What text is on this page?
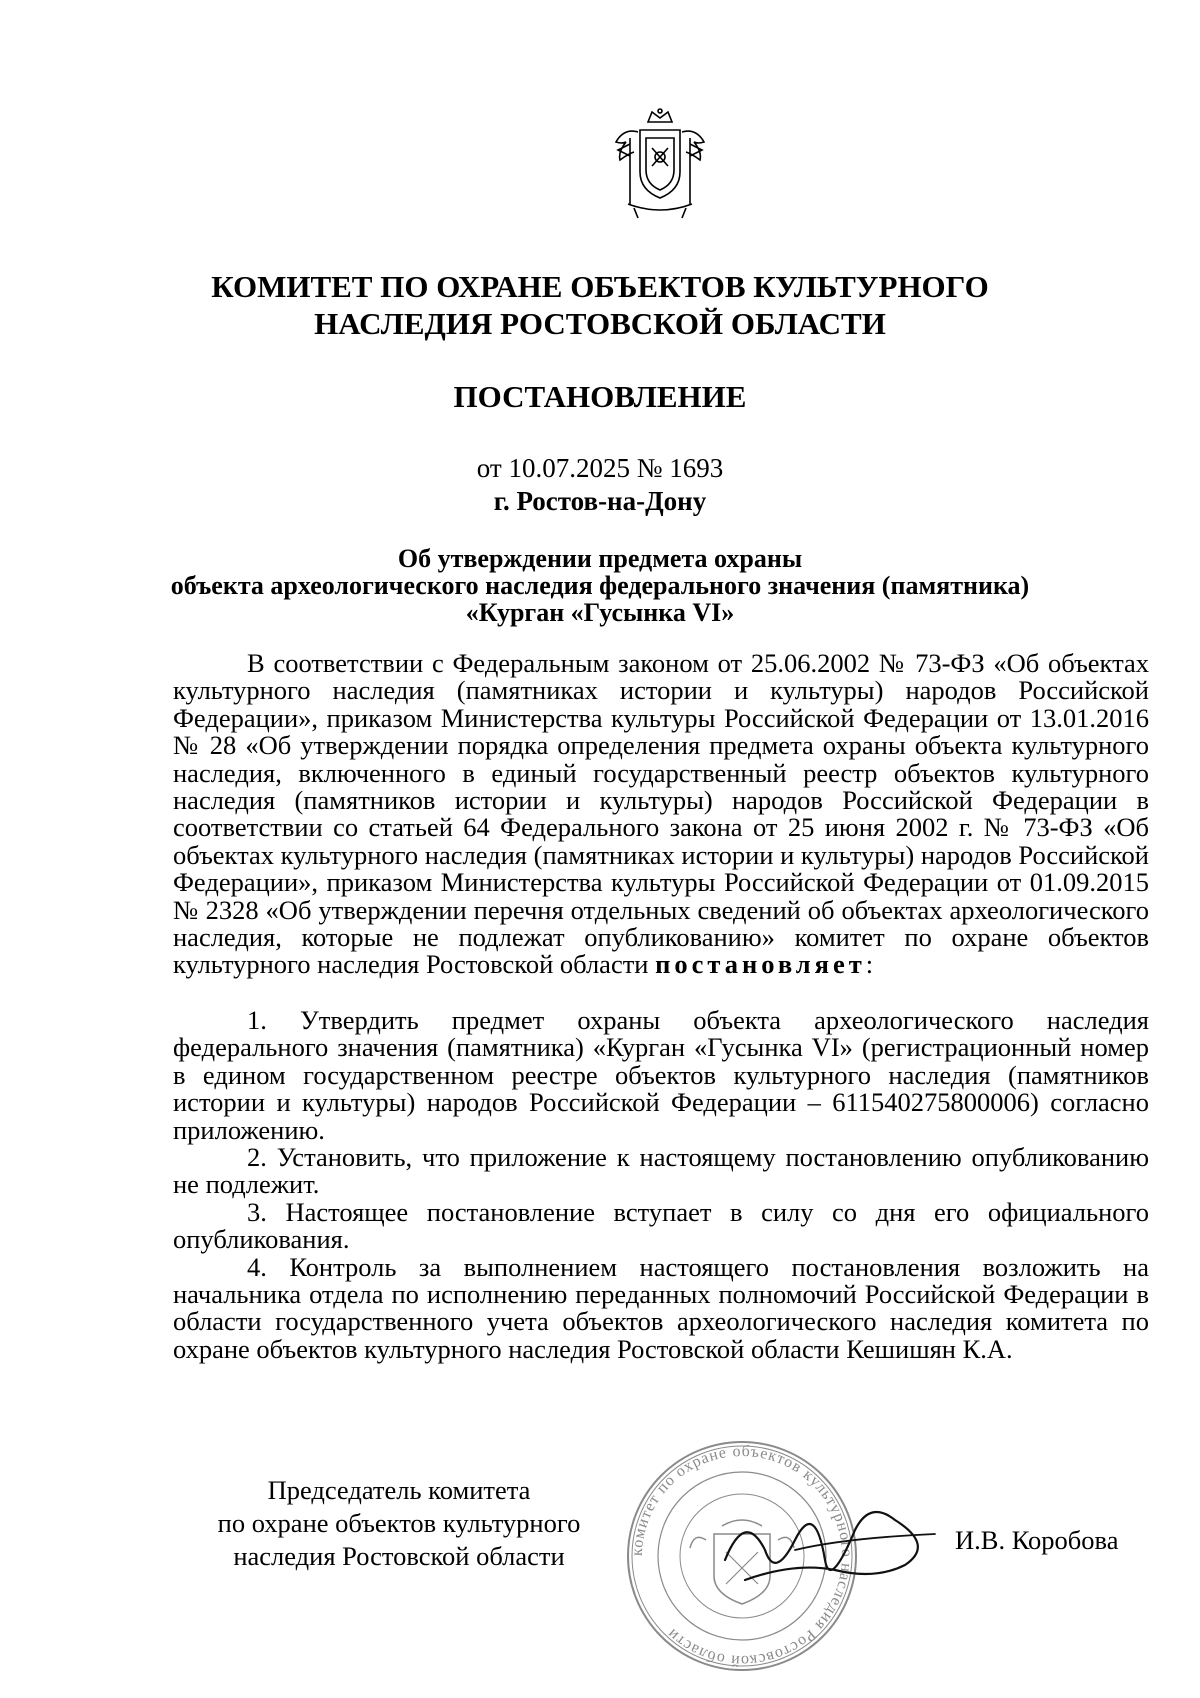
КОМИТЕТ ПО ОХРАНЕ ОБЪЕКТОВ КУЛЬТУРНОГО
НАСЛЕДИЯ РОСТОВСКОЙ ОБЛАСТИ
ПОСТАНОВЛЕНИЕ
от 10.07.2025 № 1693
г. Ростов-на-Дону
Об утверждении предмета охраны
объекта археологического наследия федерального значения (памятника)
«Курган «Гусынка VI»

В соответствии с Федеральным законом от 25.06.2002 № 73-ФЗ «Об объектах культурного наследия (памятниках истории и культуры) народов Российской Федерации», приказом Министерства культуры Российской Федерации от 13.01.2016 № 28 «Об утверждении порядка определения предмета охраны объекта культурного наследия, включенного в единый государственный реестр объектов культурного наследия (памятников истории и культуры) народов Российской Федерации в соответствии со статьей 64 Федерального закона от 25 июня 2002 г. № 73-ФЗ «Об объектах культурного наследия (памятниках истории и культуры) народов Российской Федерации», приказом Министерства культуры Российской Федерации от 01.09.2015 № 2328 «Об утверждении перечня отдельных сведений об объектах археологического наследия, которые не подлежат опубликованию» комитет по охране объектов культурного наследия Ростовской области постановляет:

1. Утвердить предмет охраны объекта археологического наследия федерального значения (памятника) «Курган «Гусынка VI» (регистрационный номер в едином государственном реестре объектов культурного наследия (памятников истории и культуры) народов Российской Федерации – 611540275800006) согласно приложению.

2. Установить, что приложение к настоящему постановлению опубликованию не подлежит.

3. Настоящее постановление вступает в силу со дня его официального опубликования.

4. Контроль за выполнением настоящего постановления возложить на начальника отдела по исполнению переданных полномочий Российской Федерации в области государственного учета объектов археологического наследия комитета по охране объектов культурного наследия Ростовской области Кешишян К.А.

Председатель комитета
по охране объектов культурного
наследия Ростовской области	комитет по охране объектов культурного наследия Ростовской области
И.В. Коробова
